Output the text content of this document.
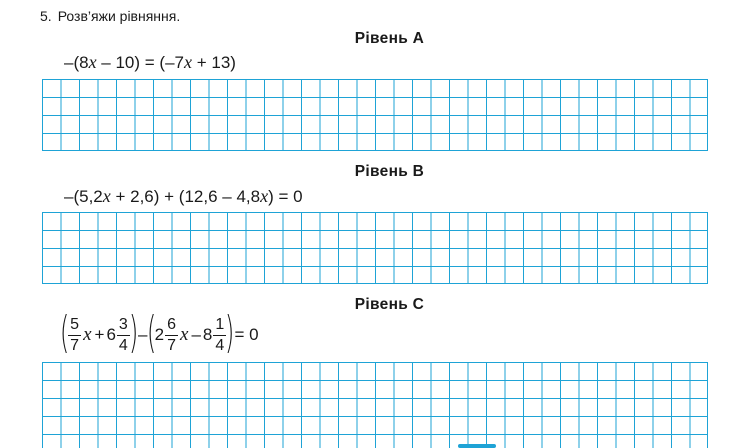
5. Розв’яжи рівняння.
Рівень А
–(8x – 10) = (–7x + 13)
Рівень В
–(5,2x + 2,6) + (12,6 – 4,8x) = 0
Рівень С
(
$\frac{5}{7}$ $x + 6 \frac{3}{4}$
) – (
$2 \frac{6}{7}$ x – $8 \frac{1}{4}$
) = 0
